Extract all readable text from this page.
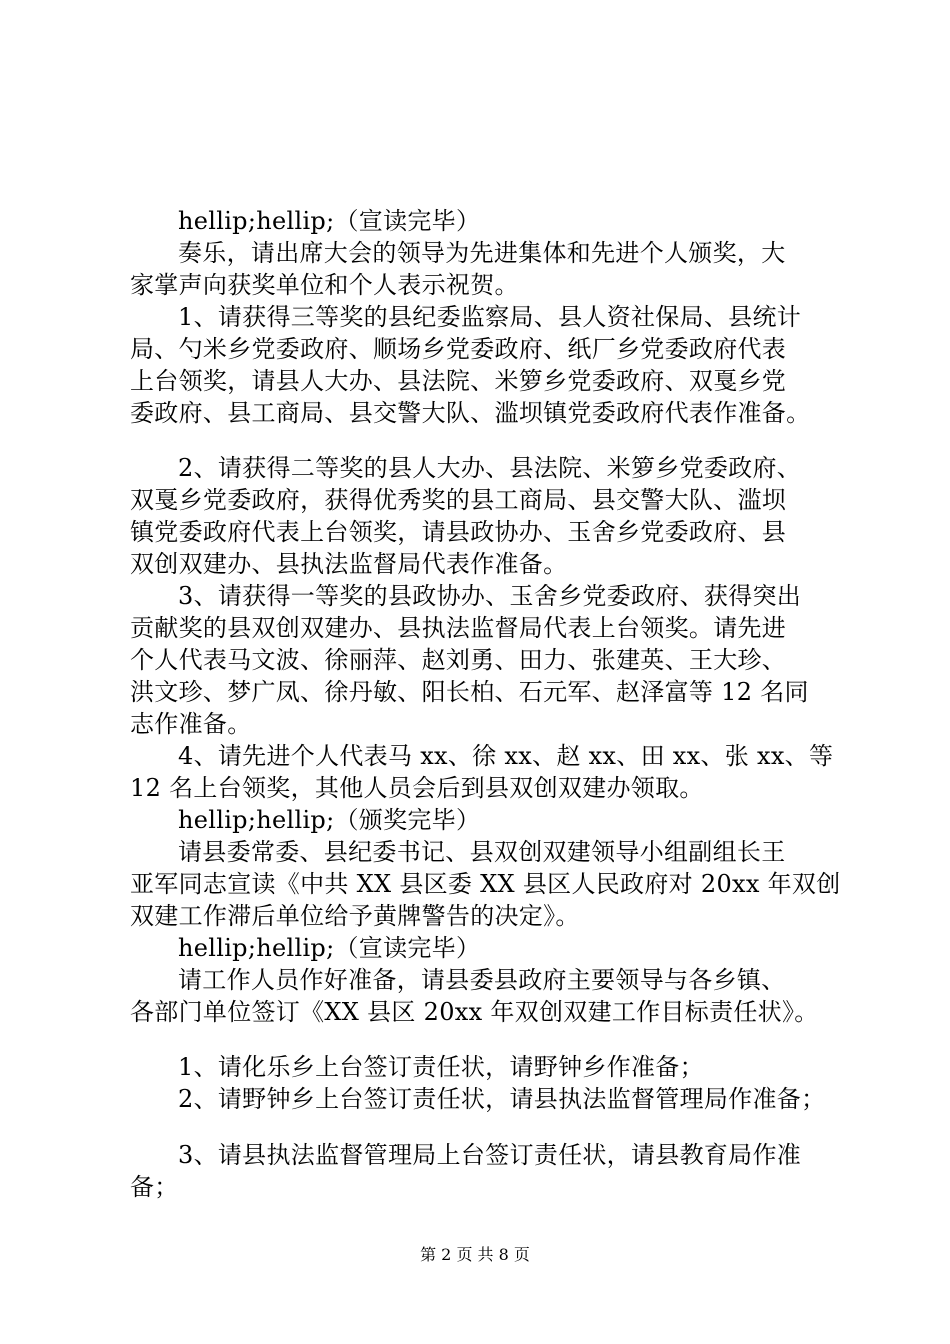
hellip;hellip;（宣读完毕）
奏乐，请出席大会的领导为先进集体和先进个人颁奖，大
家掌声向获奖单位和个人表示祝贺。
1、请获得三等奖的县纪委监察局、县人资社保局、县统计
局、勺米乡党委政府、顺场乡党委政府、纸厂乡党委政府代表
上台领奖，请县人大办、县法院、米箩乡党委政府、双戛乡党
委政府、县工商局、县交警大队、滥坝镇党委政府代表作准备。
2、请获得二等奖的县人大办、县法院、米箩乡党委政府、
双戛乡党委政府，获得优秀奖的县工商局、县交警大队、滥坝
镇党委政府代表上台领奖，请县政协办、玉舍乡党委政府、县
双创双建办、县执法监督局代表作准备。
3、请获得一等奖的县政协办、玉舍乡党委政府、获得突出
贡献奖的县双创双建办、县执法监督局代表上台领奖。请先进
个人代表马文波、徐丽萍、赵刘勇、田力、张建英、王大珍、
洪文珍、梦广凤、徐丹敏、阳长柏、石元军、赵泽富等 12 名同
志作准备。
4、请先进个人代表马 xx、徐 xx、赵 xx、田 xx、张 xx、等
12 名上台领奖，其他人员会后到县双创双建办领取。
hellip;hellip;（颁奖完毕）
请县委常委、县纪委书记、县双创双建领导小组副组长王
亚军同志宣读《中共 XX 县区委 XX 县区人民政府对 20xx 年双创
双建工作滞后单位给予黄牌警告的决定》。
hellip;hellip;（宣读完毕）
请工作人员作好准备，请县委县政府主要领导与各乡镇、
各部门单位签订《XX 县区 20xx 年双创双建工作目标责任状》。
1、请化乐乡上台签订责任状，请野钟乡作准备；
2、请野钟乡上台签订责任状，请县执法监督管理局作准备；
3、请县执法监督管理局上台签订责任状，请县教育局作准
备；
第 2 页 共 8 页
